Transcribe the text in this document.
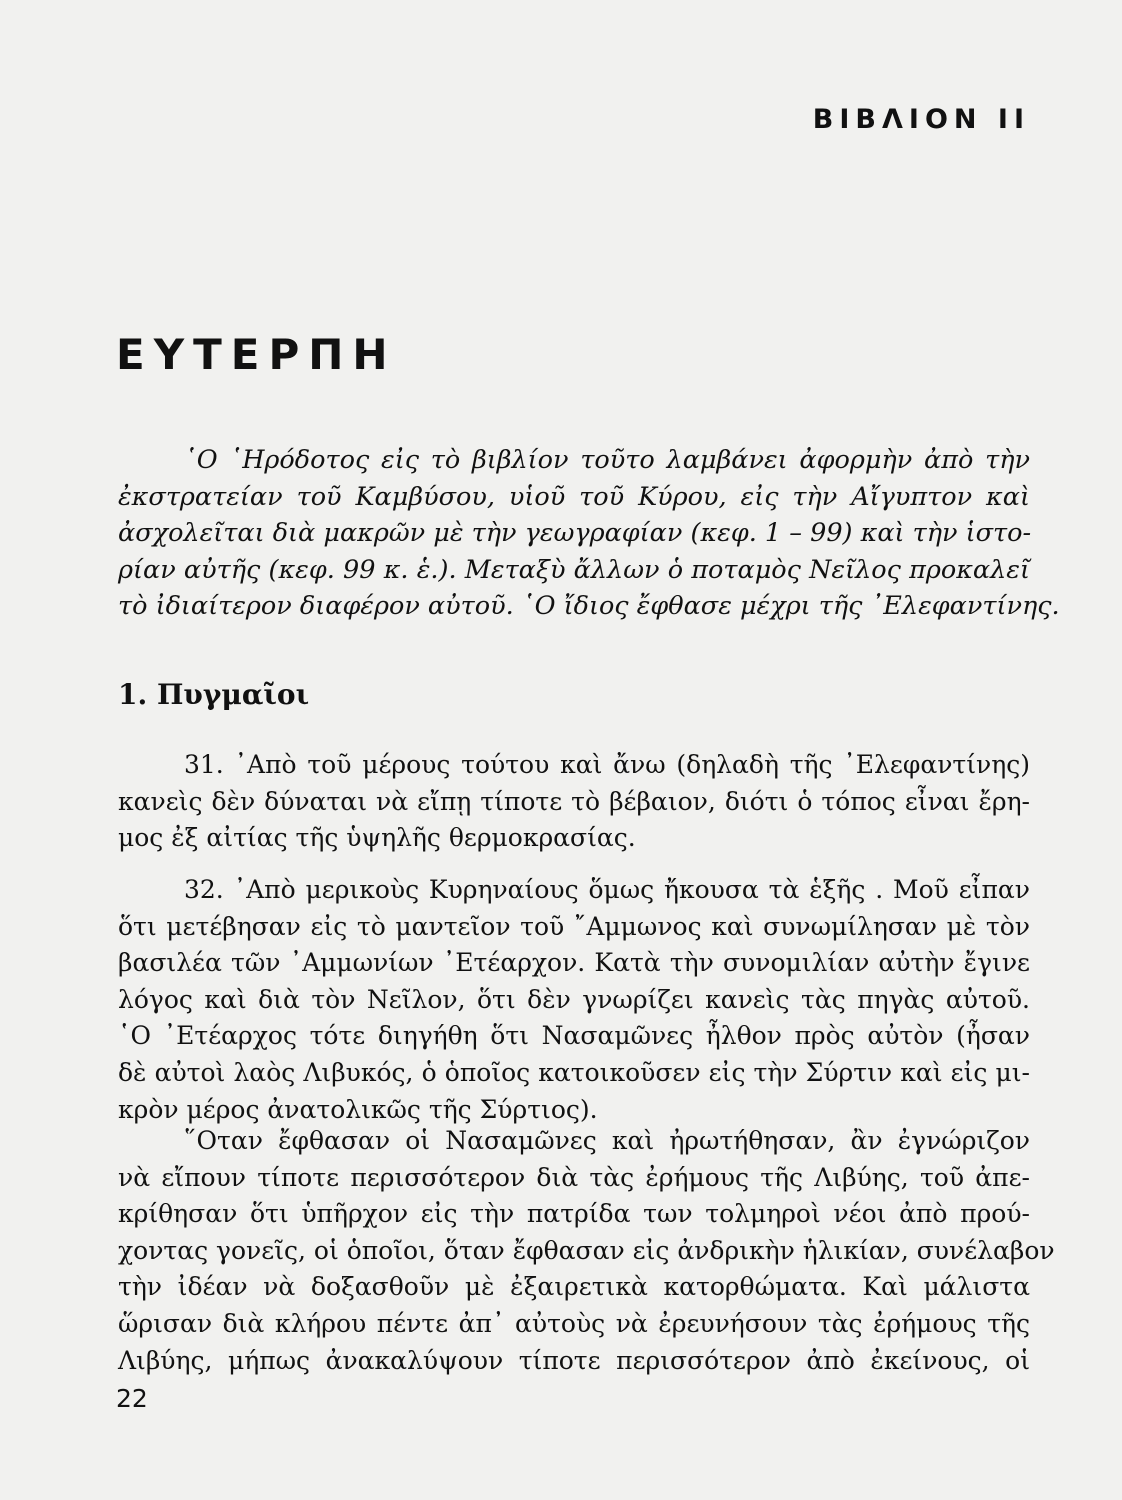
ΒΙΒΛΙΟΝ II
ΕΥΤΕΡΠΗ
῾Ο ῾Ηρόδοτος εἰς τὸ βιβλίον τοῦτο λαμβάνει ἀφορμὴν ἀπὸ τὴν
ἐκστρατείαν τοῦ Καμβύσου, υἱοῦ τοῦ Κύρου, εἰς τὴν Αἴγυπτον καὶ
ἀσχολεῖται διὰ μακρῶν μὲ τὴν γεωγραφίαν (κεφ. 1 – 99) καὶ τὴν ἱστο-
ρίαν αὐτῆς (κεφ. 99 κ. ἑ.). Μεταξὺ ἄλλων ὁ ποταμὸς Νεῖλος προκαλεῖ
τὸ ἰδιαίτερον διαφέρον αὐτοῦ. ῾Ο ἴδιος ἔφθασε μέχρι τῆς ᾿Ελεφαντίνης.
1. Πυγμαῖοι
31. ᾿Απὸ τοῦ μέρους τούτου καὶ ἄνω (δηλαδὴ τῆς ᾿Ελεφαντίνης)
κανεὶς δὲν δύναται νὰ εἴπῃ τίποτε τὸ βέβαιον, διότι ὁ τόπος εἶναι ἔρη-
μος ἐξ αἰτίας τῆς ὑψηλῆς θερμοκρασίας.
32. ᾿Απὸ μερικοὺς Κυρηναίους ὅμως ἤκουσα τὰ ἑξῆς . Μοῦ εἶπαν
ὅτι μετέβησαν εἰς τὸ μαντεῖον τοῦ ῎Αμμωνος καὶ συνωμίλησαν μὲ τὸν
βασιλέα τῶν ᾿Αμμωνίων ᾿Ετέαρχον. Κατὰ τὴν συνομιλίαν αὐτὴν ἔγινε
λόγος καὶ διὰ τὸν Νεῖλον, ὅτι δὲν γνωρίζει κανεὶς τὰς πηγὰς αὐτοῦ.
῾Ο ᾿Ετέαρχος τότε διηγήθη ὅτι Νασαμῶνες ἦλθον πρὸς αὐτὸν (ἦσαν
δὲ αὐτοὶ λαὸς Λιβυκός, ὁ ὁποῖος κατοικοῦσεν εἰς τὴν Σύρτιν καὶ εἰς μι-
κρὸν μέρος ἀνατολικῶς τῆς Σύρτιος).
῞Οταν ἔφθασαν οἱ Νασαμῶνες καὶ ἠρωτήθησαν, ἂν ἐγνώριζον
νὰ εἴπουν τίποτε περισσότερον διὰ τὰς ἐρήμους τῆς Λιβύης, τοῦ ἀπε-
κρίθησαν ὅτι ὑπῆρχον εἰς τὴν πατρίδα των τολμηροὶ νέοι ἀπὸ πρού-
χοντας γονεῖς, οἱ ὁποῖοι, ὅταν ἔφθασαν εἰς ἀνδρικὴν ἡλικίαν, συνέλαβον
τὴν ἰδέαν νὰ δοξασθοῦν μὲ ἐξαιρετικὰ κατορθώματα. Καὶ μάλιστα
ὥρισαν διὰ κλήρου πέντε ἀπ᾿ αὐτοὺς νὰ ἐρευνήσουν τὰς ἐρήμους τῆς
Λιβύης, μήπως ἀνακαλύψουν τίποτε περισσότερον ἀπὸ ἐκείνους, οἱ
22
